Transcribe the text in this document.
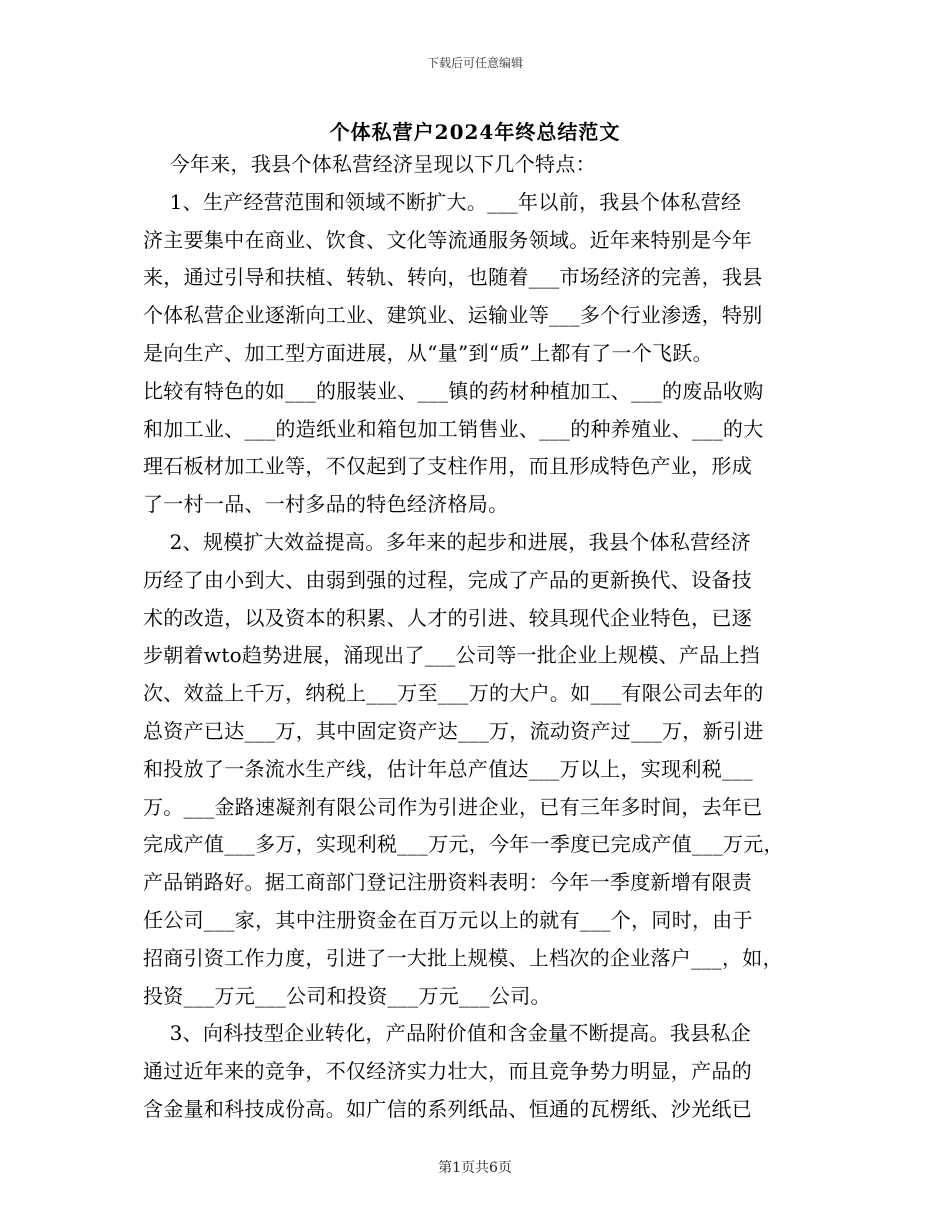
下载后可任意编辑
个体私营户2024年终总结范文
今年来，我县个体私营经济呈现以下几个特点：
1、生产经营范围和领域不断扩大。___年以前，我县个体私营经
济主要集中在商业、饮食、文化等流通服务领域。近年来特别是今年
来，通过引导和扶植、转轨、转向，也随着___市场经济的完善，我县
个体私营企业逐渐向工业、建筑业、运输业等___多个行业渗透，特别
是向生产、加工型方面进展，从“量”到“质”上都有了一个飞跃。
比较有特色的如___的服装业、___镇的药材种植加工、___的废品收购
和加工业、___的造纸业和箱包加工销售业、___的种养殖业、___的大
理石板材加工业等，不仅起到了支柱作用，而且形成特色产业，形成
了一村一品、一村多品的特色经济格局。
2、规模扩大效益提高。多年来的起步和进展，我县个体私营经济
历经了由小到大、由弱到强的过程，完成了产品的更新换代、设备技
术的改造，以及资本的积累、人才的引进、较具现代企业特色，已逐
步朝着wto趋势进展，涌现出了___公司等一批企业上规模、产品上挡
次、效益上千万，纳税上___万至___万的大户。如___有限公司去年的
总资产已达___万，其中固定资产达___万，流动资产过___万，新引进
和投放了一条流水生产线，估计年总产值达___万以上，实现利税___
万。___金路速凝剂有限公司作为引进企业，已有三年多时间，去年已
完成产值___多万，实现利税___万元，今年一季度已完成产值___万元，
产品销路好。据工商部门登记注册资料表明：今年一季度新增有限责
任公司___家，其中注册资金在百万元以上的就有___个，同时，由于
招商引资工作力度，引进了一大批上规模、上档次的企业落户___，如，
投资___万元___公司和投资___万元___公司。
3、向科技型企业转化，产品附价值和含金量不断提高。我县私企
通过近年来的竞争，不仅经济实力壮大，而且竞争势力明显，产品的
含金量和科技成份高。如广信的系列纸品、恒通的瓦楞纸、沙光纸已
第1页共6页
